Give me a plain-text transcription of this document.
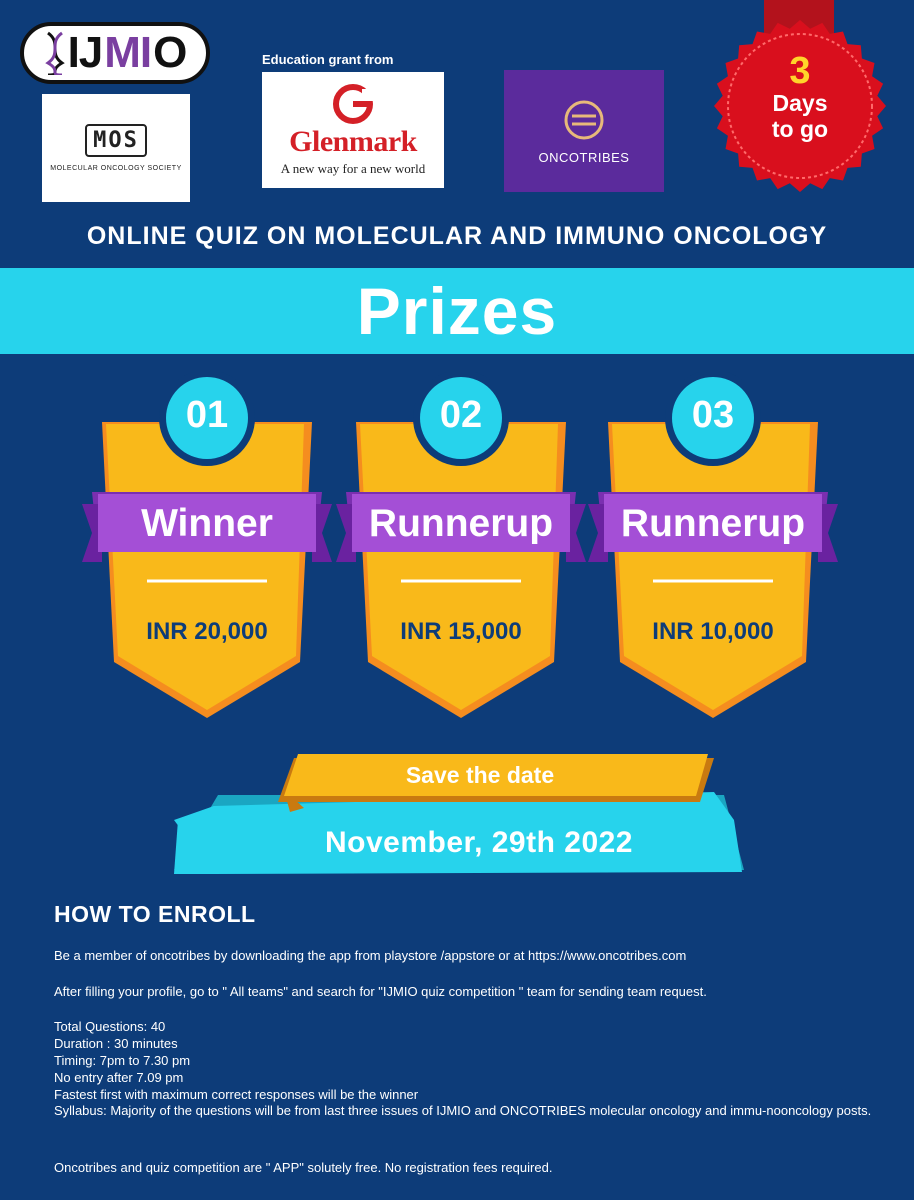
IJ MI O
MOS
MOLECULAR ONCOLOGY SOCIETY
Education grant from
Glenmark
A new way for a new world
ONCOTRIBES
3
Days
to go
ONLINE QUIZ ON MOLECULAR AND IMMUNO ONCOLOGY
Prizes
01
Winner
INR 20,000
02
Runnerup
INR 15,000
03
Runnerup
INR 10,000
Save the date
November, 29th 2022
HOW TO ENROLL
Be a member of oncotribes by downloading the app from playstore /appstore or at https://www.oncotribes.com
After filling your profile, go to " All teams" and search for "IJMIO quiz competition " team for sending team request.
Total Questions: 40
Duration : 30 minutes
Timing: 7pm to 7.30 pm
No entry after 7.09 pm
Fastest first with maximum correct responses will be the winner
Syllabus: Majority of the questions will be from last three issues of IJMIO and ONCOTRIBES molecular oncology and immu-nooncology posts.
Oncotribes and quiz competition are " APP" solutely free. No registration fees required.
